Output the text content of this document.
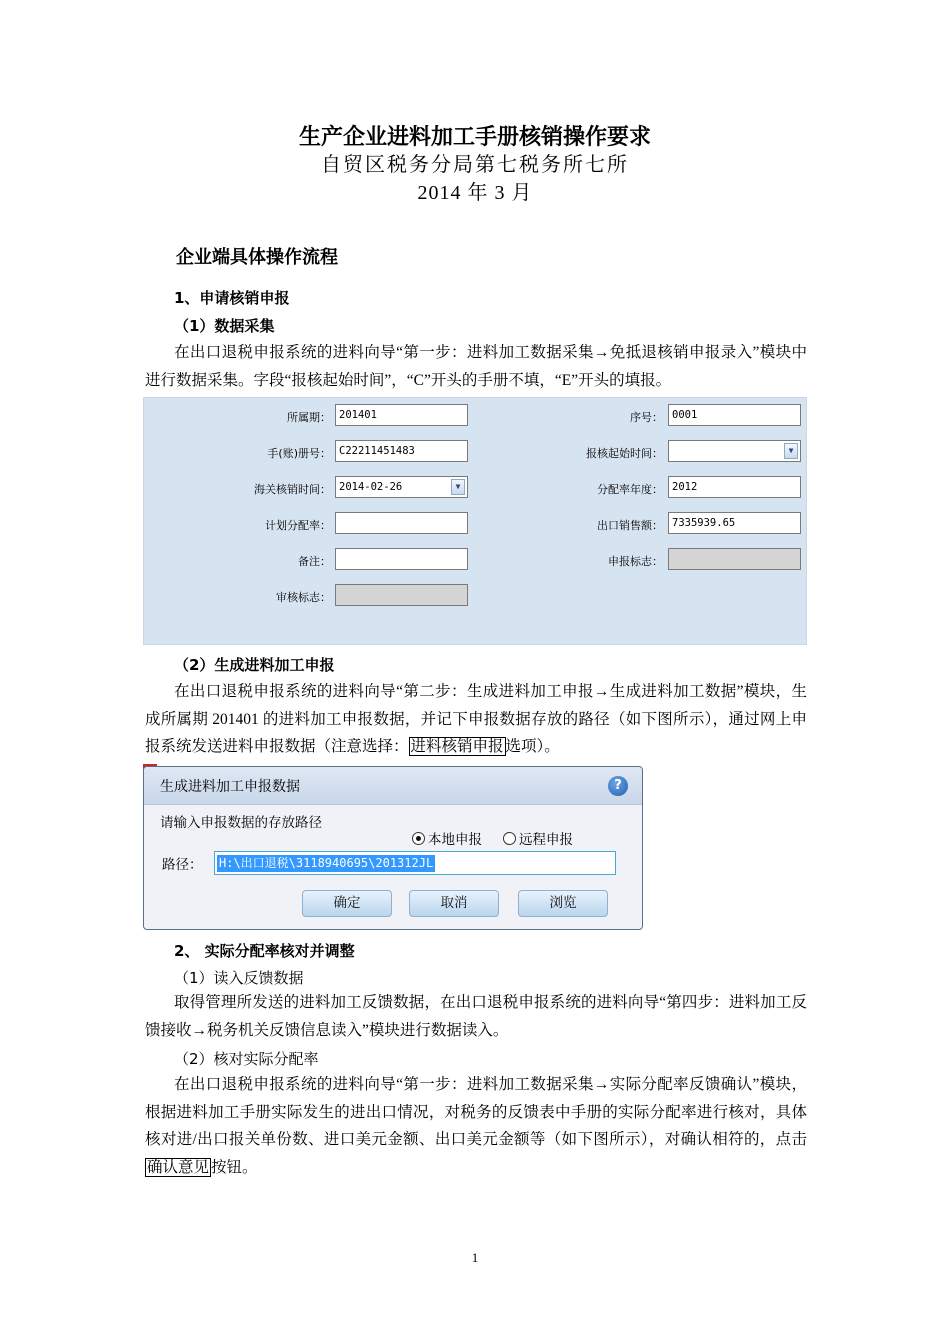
生产企业进料加工手册核销操作要求
自贸区税务分局第七税务所七所
2014 年 3 月
企业端具体操作流程
1、申请核销申报
（1）数据采集
在出口退税申报系统的进料向导“第一步：进料加工数据采集→免抵退核销申报录入”模块中进行数据采集。字段“报核起始时间”，“C”开头的手册不填，“E”开头的填报。
所属期： 201401	序号： 0001
手(账)册号： C22211451483	报核起始时间：	▼
海关核销时间： 2014-02-26	▼	分配率年度： 2012
计划分配率：	出口销售额： 7335939.65
备注：	申报标志：
审核标志：
（2）生成进料加工申报
在出口退税申报系统的进料向导“第二步：生成进料加工申报→生成进料加工数据”模块，生成所属期 201401 的进料加工申报数据，并记下申报数据存放的路径（如下图所示），通过网上申报系统发送进料申报数据（注意选择： 进料核销申报 选项）。
生成进料加工申报数据	?
请输入申报数据的存放路径
本地申报	远程申报
路径： H:\出口退税\3118940695\201312JL
确定	取消	浏览
2、 实际分配率核对并调整
（1）读入反馈数据
取得管理所发送的进料加工反馈数据，在出口退税申报系统的进料向导“第四步：进料加工反馈接收→税务机关反馈信息读入”模块进行数据读入。
（2）核对实际分配率
在出口退税申报系统的进料向导“第一步：进料加工数据采集→实际分配率反馈确认”模块，根据进料加工手册实际发生的进出口情况，对税务的反馈表中手册的实际分配率进行核对，具体核对进/出口报关单份数、进口美元金额、出口美元金额等（如下图所示），对确认相符的，点击确认意见 按钮。
1
